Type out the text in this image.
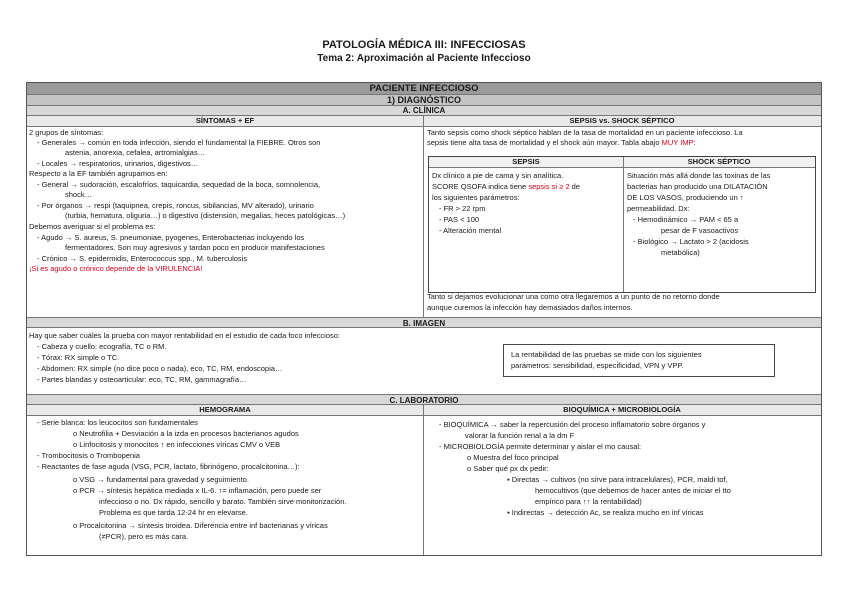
PATOLOGÍA MÉDICA III: INFECCIOSAS
Tema 2: Aproximación al Paciente Infeccioso
PACIENTE INFECCIOSO
1) DIAGNÓSTICO
A. CLÍNICA
SÍNTOMAS + EF	SEPSIS vs. SHOCK SÉPTICO
2 grupos de síntomas:
- Generales → común en toda infección, siendo el fundamental la FIEBRE. Otros son
astenia, anorexia, cefalea, artromialgias…
- Locales → respiratorios, urinarios, digestivos…
Respecto a la EF también agrupamos en:
- General → sudoración, escalofríos, taquicardia, sequedad de la boca, somnolencia,
shock…
- Por órganos → respi (taquipnea, crepis, roncus, sibilancias, MV alterado), urinario
(turbia, hematura, oliguria…) o digestivo (distensión, megalias, heces patológicas…)
Debemos averiguar si el problema es:
- Agudo → S. aureus, S. pneumoniae, pyogenes, Enterobacterias incluyendo los
fermentadores. Son muy agresivos y tardan poco en producir manifestaciones
- Crónico → S. epidermidis, Enterococcus spp., M. tuberculosis
¡Si es agudo o crónico depende de la VIRULENCIA!
Tanto sepsis como shock séptico hablan de la tasa de mortalidad en un paciente infeccioso. La
sepsis tiene alta tasa de mortalidad y el shock aún mayor. Tabla abajo MUY IMP:
SEPSIS	SHOCK SÉPTICO
Dx clínico a pie de cama y sin analítica.
SCORE QSOFA indica tiene sepsis si ≥ 2 de
los siguientes parámetros:
- FR > 22 rpm
- PAS < 100
- Alteración mental
Situación más allá donde las toxinas de las
bacterias han producido una DILATACIÓN
DE LOS VASOS, produciendo un ↑
permeabilidad. Dx:
- Hemodinámico → PAM < 65 a
pesar de F vasoactivos
- Biológico → Lactato > 2 (acidosis
metabólica)
Tanto si dejamos evolucionar una como otra llegaremos a un punto de no retorno donde
aunque curemos la infección hay demasiados daños internos.
B. IMAGEN
Hay que saber cuáles la prueba con mayor rentabilidad en el estudio de cada foco infeccioso:
- Cabeza y cuello: ecografía, TC o RM.
- Tórax: RX simple o TC.
- Abdomen: RX simple (no dice poco o nada), eco, TC, RM, endoscopia…
- Partes blandas y osteoarticular: eco, TC, RM, gammagrafía…
La rentabilidad de las pruebas se mide con los siguientes
parámetros: sensibilidad, especificidad, VPN y VPP.
C. LABORATORIO
HEMOGRAMA	BIOQUÍMICA + MICROBIOLOGÍA
- Serie blanca: los leucocitos son fundamentales
o Neutrofilia + Desviación a la izda en procesos bacterianos agudos
o Linfocitosis y monocitos ↑ en infecciones víricas CMV o VEB
- Trombocitosis o Trombopenia
- Reactantes de fase aguda (VSG, PCR, lactato, fibrinógeno, procalcitonina…):
o VSG → fundamental para gravedad y seguimiento.
o PCR → síntesis hepática mediada x IL-6. ↑= inflamación, pero puede ser
infeccioso o no. Dx rápido, sencillo y barato. También sirve monitorización.
Problema es que tarda 12-24 hr en elevarse.
o Procalcitonina → síntesis tiroidea. Diferencia entre inf bacterianas y víricas
(≠PCR), pero es más cara.
- BIOQUÍMICA → saber la repercusión del proceso inflamatorio sobre órganos y
valorar la función renal a la dm F
- MICROBIOLOGÍA permite determinar y aislar el mo causal:
o Muestra del foco principal
o Saber qué px dx pedir:
▪ Directas → cultivos (no sirve para intracelulares), PCR, maldi tof,
hemocultivos (que debemos de hacer antes de iniciar el tto
empírico para ↑↑ la rentabilidad)
▪ Indirectas → detección Ac, se realiza mucho en inf víricas
